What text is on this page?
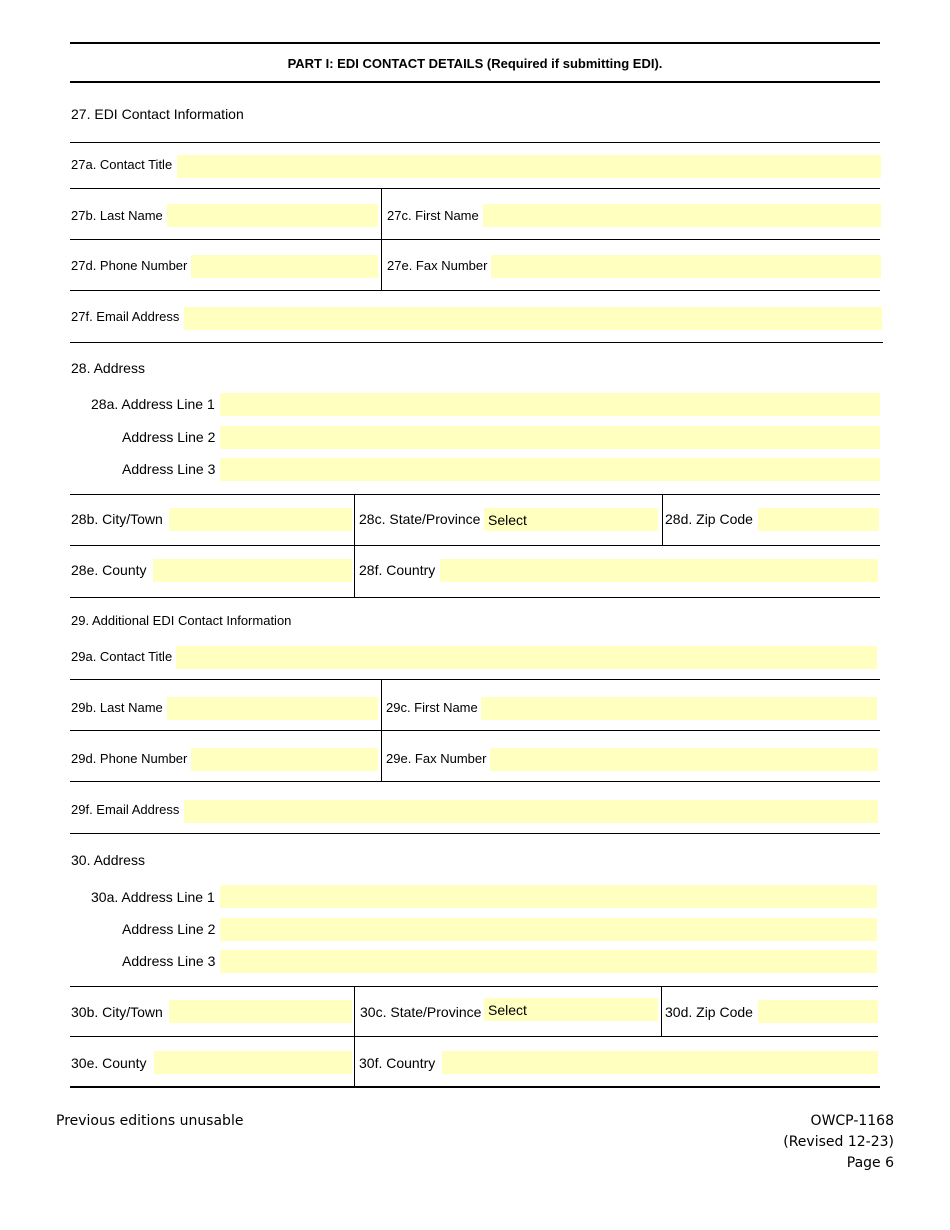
PART I: EDI CONTACT DETAILS (Required if submitting EDI).
27. EDI Contact Information
27a. Contact Title
27b. Last Name	27c. First Name
27d. Phone Number	27e. Fax Number
27f. Email Address
28. Address
28a. Address Line 1
Address Line 2
Address Line 3
28b. City/Town	28c. State/Province Select	28d. Zip Code
28e. County	28f. Country
29. Additional EDI Contact Information
29a. Contact Title
29b. Last Name	29c. First Name
29d. Phone Number	29e. Fax Number
29f. Email Address
30. Address
30a. Address Line 1
Address Line 2
Address Line 3
30b. City/Town	30c. State/Province Select	30d. Zip Code
30e. County	30f. Country
Previous editions unusable	OWCP-1168
(Revised 12-23)
Page 6
